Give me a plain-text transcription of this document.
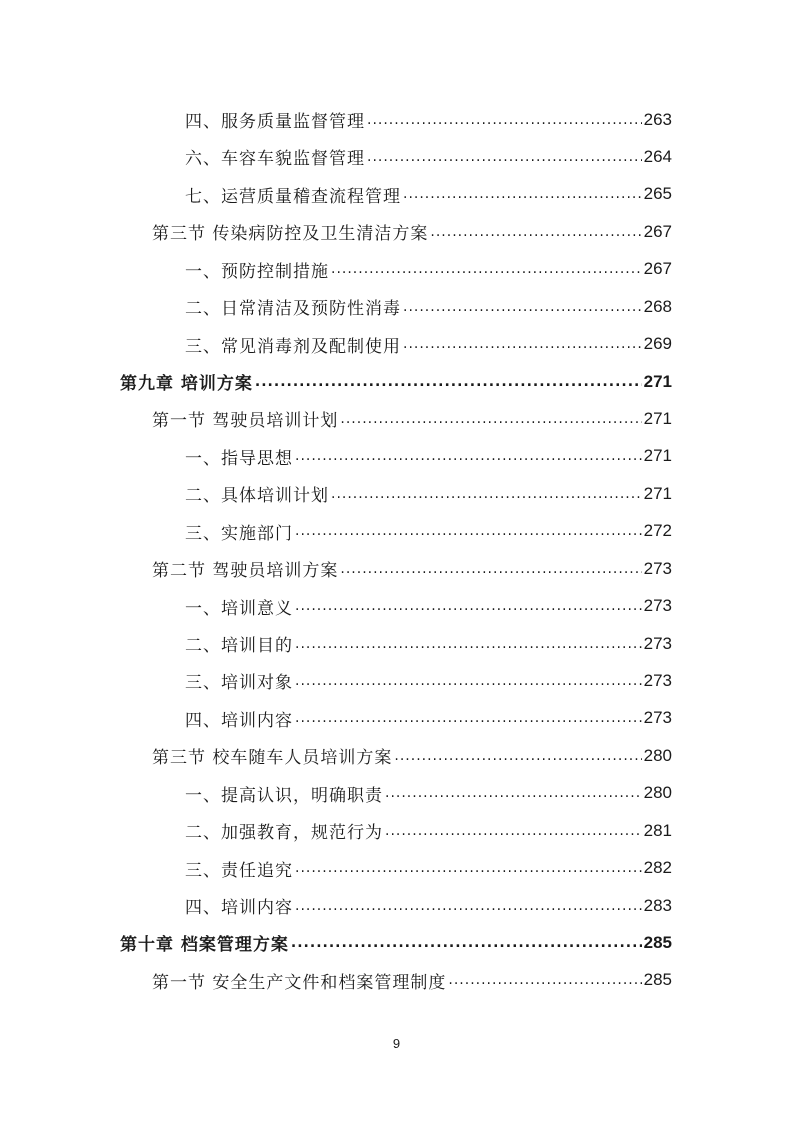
四、服务质量监督管理 .....	263
六、车容车貌监督管理 .....	264
七、运营质量稽查流程管理 .....	265
第三节 传染病防控及卫生清洁方案 .....	267
一、预防控制措施 .....	267
二、日常清洁及预防性消毒 .....	268
三、常见消毒剂及配制使用 .....	269
第九章 培训方案 .....	271
第一节 驾驶员培训计划 .....	271
一、指导思想 .....	271
二、具体培训计划 .....	271
三、实施部门 .....	272
第二节 驾驶员培训方案 .....	273
一、培训意义 .....	273
二、培训目的 .....	273
三、培训对象 .....	273
四、培训内容 .....	273
第三节 校车随车人员培训方案 .....	280
一、提高认识，明确职责 .....	280
二、加强教育，规范行为 .....	281
三、责任追究 .....	282
四、培训内容 .....	283
第十章 档案管理方案 .....	285
第一节 安全生产文件和档案管理制度 .....	285
9
